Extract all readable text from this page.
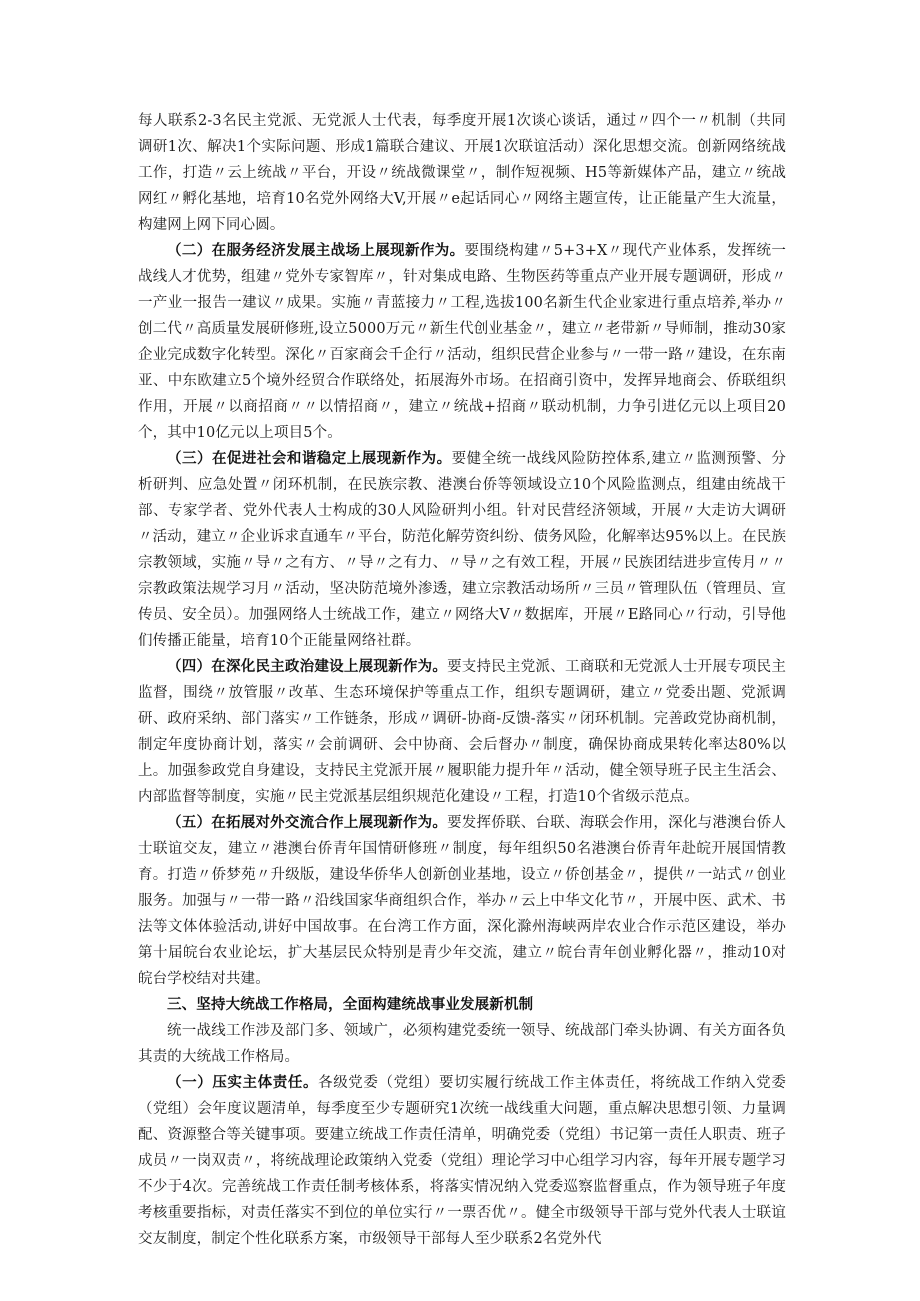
每人联系2-3名民主党派、无党派人士代表，每季度开展1次谈心谈话，通过〃四个一〃机制（共同调研1次、解决1个实际问题、形成1篇联合建议、开展1次联谊活动）深化思想交流。创新网络统战工作，打造〃云上统战〃平台，开设〃统战微课堂〃，制作短视频、H5等新媒体产品，建立〃统战网红〃孵化基地，培育10名党外网络大V,开展〃e起话同心〃网络主题宣传，让正能量产生大流量，构建网上网下同心圆。

（二）在服务经济发展主战场上展现新作为。要围绕构建〃5+3+X〃现代产业体系，发挥统一战线人才优势，组建〃党外专家智库〃，针对集成电路、生物医药等重点产业开展专题调研，形成〃一产业一报告一建议〃成果。实施〃青蓝接力〃工程,选拔100名新生代企业家进行重点培养,举办〃创二代〃高质量发展研修班,设立5000万元〃新生代创业基金〃，建立〃老带新〃导师制，推动30家企业完成数字化转型。深化〃百家商会千企行〃活动，组织民营企业参与〃一带一路〃建设，在东南亚、中东欧建立5个境外经贸合作联络处，拓展海外市场。在招商引资中，发挥异地商会、侨联组织作用，开展〃以商招商〃〃以情招商〃，建立〃统战+招商〃联动机制，力争引进亿元以上项目20个，其中10亿元以上项目5个。

（三）在促进社会和谐稳定上展现新作为。要健全统一战线风险防控体系,建立〃监测预警、分析研判、应急处置〃闭环机制，在民族宗教、港澳台侨等领域设立10个风险监测点，组建由统战干部、专家学者、党外代表人士构成的30人风险研判小组。针对民营经济领域，开展〃大走访大调研〃活动，建立〃企业诉求直通车〃平台，防范化解劳资纠纷、债务风险，化解率达95%以上。在民族宗教领域，实施〃导〃之有方、〃导〃之有力、〃导〃之有效工程，开展〃民族团结进步宣传月〃〃宗教政策法规学习月〃活动，坚决防范境外渗透，建立宗教活动场所〃三员〃管理队伍（管理员、宣传员、安全员）。加强网络人士统战工作，建立〃网络大V〃数据库，开展〃E路同心〃行动，引导他们传播正能量，培育10个正能量网络社群。

（四）在深化民主政治建设上展现新作为。要支持民主党派、工商联和无党派人士开展专项民主监督，围绕〃放管服〃改革、生态环境保护等重点工作，组织专题调研，建立〃党委出题、党派调研、政府采纳、部门落实〃工作链条，形成〃调研-协商-反馈-落实〃闭环机制。完善政党协商机制，制定年度协商计划，落实〃会前调研、会中协商、会后督办〃制度，确保协商成果转化率达80%以上。加强参政党自身建设，支持民主党派开展〃履职能力提升年〃活动，健全领导班子民主生活会、内部监督等制度，实施〃民主党派基层组织规范化建设〃工程，打造10个省级示范点。

（五）在拓展对外交流合作上展现新作为。要发挥侨联、台联、海联会作用，深化与港澳台侨人士联谊交友，建立〃港澳台侨青年国情研修班〃制度，每年组织50名港澳台侨青年赴皖开展国情教育。打造〃侨梦苑〃升级版，建设华侨华人创新创业基地，设立〃侨创基金〃，提供〃一站式〃创业服务。加强与〃一带一路〃沿线国家华商组织合作，举办〃云上中华文化节〃，开展中医、武术、书法等文体体验活动,讲好中国故事。在台湾工作方面，深化滁州海峡两岸农业合作示范区建设，举办第十届皖台农业论坛，扩大基层民众特别是青少年交流，建立〃皖台青年创业孵化器〃，推动10对皖台学校结对共建。

三、坚持大统战工作格局，全面构建统战事业发展新机制

统一战线工作涉及部门多、领域广，必须构建党委统一领导、统战部门牵头协调、有关方面各负其责的大统战工作格局。

（一）压实主体责任。各级党委（党组）要切实履行统战工作主体责任，将统战工作纳入党委（党组）会年度议题清单，每季度至少专题研究1次统一战线重大问题，重点解决思想引领、力量调配、资源整合等关键事项。要建立统战工作责任清单，明确党委（党组）书记第一责任人职责、班子成员〃一岗双责〃，将统战理论政策纳入党委（党组）理论学习中心组学习内容，每年开展专题学习不少于4次。完善统战工作责任制考核体系，将落实情况纳入党委巡察监督重点，作为领导班子年度考核重要指标，对责任落实不到位的单位实行〃一票否优〃。健全市级领导干部与党外代表人士联谊交友制度，制定个性化联系方案，市级领导干部每人至少联系2名党外代
